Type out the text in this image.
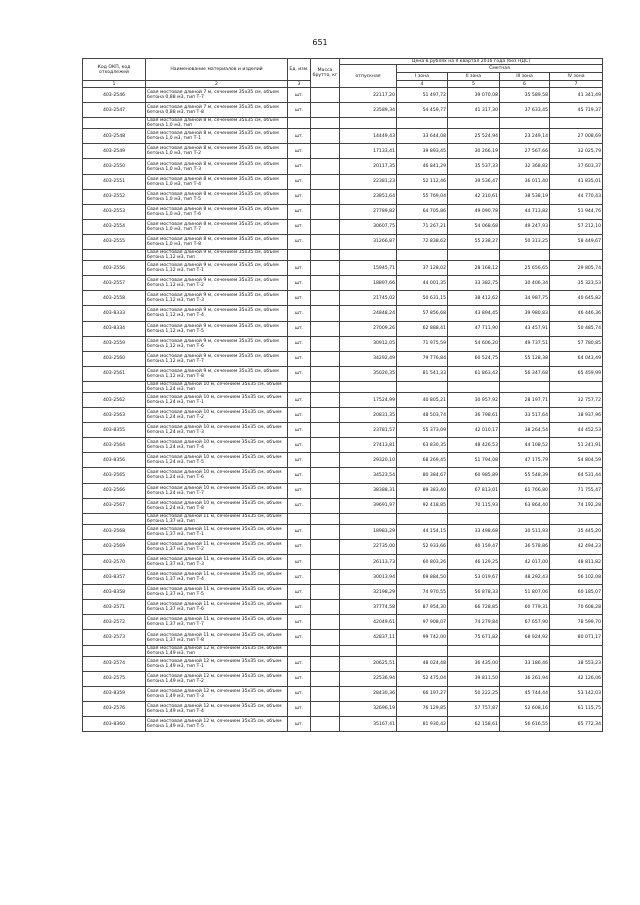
651
Код ОКП, код отходлежей	Наименование материалов и изделий	Ед. изм.	Масса брутто, кг	Цена в рублях на II квартал 2016 года (без НДС)					
				отпускная	Сметная				
					I зона	II зона	III зона	IV зона	
1	2	3			4	5	6	7		
403-2546	Свая мостовая длиной 7 м, сечением 35х35 см, объем бетона 0,88 м3, тип Т-7	шт.		22117,20	51 497,72	39 070,08	35 589,58	41 341,49	
403-2547	Свая мостовая длиной 7 м, сечением 35х35 см, объем бетона 0,88 м3, тип Т-8	шт.		23589,34	54 459,77	41 317,30	37 633,45	45 719,37	
	Свая мостовая длиной 8 м, сечением 35х35 см, объем бетона 1,0 м3, тип								
403-2548	Свая мостовая длиной 8 м, сечением 35х35 см, объем бетона 1,0 м3, тип Т-1	шт.		14449,43	33 644,08	25 524,94	23 249,14	27 008,69	
403-2549	Свая мостовая длиной 8 м, сечением 35х35 см, объем бетона 1,0 м3, тип Т-2	шт.		17133,41	39 893,45	30 266,19	27 567,66	32 025,79	
403-2550	Свая мостовая длиной 8 м, сечением 35х35 см, объем бетона 1,0 м3, тип Т-3	шт.		20117,35	46 841,29	35 537,33	32 368,82	37 603,37	
403-2551	Свая мостовая длиной 8 м, сечением 35х35 см, объем бетона 1,0 м3, тип Т-4	шт.		22381,23	52 112,46	39 536,47	36 011,40	41 835,01	
403-2552	Свая мостовая длиной 8 м, сечением 35х35 см, объем бетона 1,0 м3, тип Т-5	шт.		23851,64	55 769,04	42 310,61	38 538,19	44 770,43	
403-2553	Свая мостовая длиной 8 м, сечением 35х35 см, объем бетона 1,0 м3, тип Т-6	шт.		27789,82	64 705,86	49 090,78	44 713,82	51 944,76	
403-2554	Свая мостовая длиной 8 м, сечением 35х35 см, объем бетона 1,0 м3, тип Т-7	шт.		30607,75	71 267,21	54 068,68	49 247,93	57 212,10	
403-2555	Свая мостовая длиной 8 м, сечением 35х35 см, объем бетона 1,0 м3, тип Т-8	шт.		31266,87	72 838,62	55 238,27	50 313,25	58 449,67	
	Свая мостовая длиной 9 м, сечением 35х35 см, объем бетона 1,12 м3, тип								
403-2556	Свая мостовая длиной 9 м, сечением 35х35 см, объем бетона 1,12 м3, тип Т-1	шт.		15945,71	37 128,02	28 168,12	25 656,65	29 805,74	
403-2557	Свая мостовая длиной 9 м, сечением 35х35 см, объем бетона 1,12 м3, тип Т-2	шт.		18897,66	44 001,35	33 382,75	30 406,34	35 323,53	
403-2558	Свая мостовая длиной 9 м, сечением 35х35 см, объем бетона 1,12 м3, тип Т-3	шт.		21745,02	50 631,15	38 412,62	34 987,75	40 645,82	
403-8333	Свая мостовая длиной 9 м, сечением 35х35 см, объем бетона 1,12 м3, тип Т-4	шт.		24848,24	57 856,68	43 894,45	39 980,83	46 446,36	
403-8334	Свая мостовая длиной 9 м, сечением 35х35 см, объем бетона 1,12 м3, тип Т-5	шт.		27009,26	62 888,41	47 711,90	43 457,91	50 485,74	
403-2559	Свая мостовая длиной 9 м, сечением 35х35 см, объем бетона 1,12 м3, тип Т-6	шт.		30912,05	71 975,59	54 606,20	49 737,51	57 780,85	
403-2560	Свая мостовая длиной 9 м, сечением 35х35 см, объем бетона 1,12 м3, тип Т-7	шт.		34292,49	79 776,84	60 524,75	55 128,38	64 043,49	
403-2561	Свая мостовая длиной 9 м, сечением 35х35 см, объем бетона 1,12 м3, тип Т-8	шт.		35020,35	81 541,33	61 863,42	56 347,68	65 459,99	
	Свая мостовая длиной 10 м, сечением 35х35 см, объем бетона 1,24 м3, тип								
403-2562	Свая мостовая длиной 10 м, сечением 35х35 см, объем бетона 1,24 м3, тип Т-1	шт.		17524,99	40 805,21	30 957,92	28 197,71	32 757,72	
403-2563	Свая мостовая длиной 10 м, сечением 35х35 см, объем бетона 1,24 м3, тип Т-2	шт.		20831,35	48 503,74	36 798,61	33 517,64	38 937,96	
403-8355	Свая мостовая длиной 10 м, сечением 35х35 см, объем бетона 1,24 м3, тип Т-3	шт.		23781,57	55 373,09	42 010,17	38 264,54	44 452,53	
403-2564	Свая мостовая длиной 10 м, сечением 35х35 см, объем бетона 1,24 м3, тип Т-4	шт.		27413,81	63 830,35	48 426,53	44 108,52	51 241,91	
403-8356	Свая мостовая длиной 10 м, сечением 35х35 см, объем бетона 1,24 м3, тип Т-5	шт.		29320,10	68 269,45	51 794,08	47 175,79	54 804,59	
403-2565	Свая мостовая длиной 10 м, сечением 35х35 см, объем бетона 1,24 м3, тип Т-6	шт.		34523,54	80 384,67	60 985,89	55 548,39	64 531,44	
403-2566	Свая мостовая длиной 10 м, сечением 35х35 см, объем бетона 1,24 м3, тип Т-7	шт.		38388,31	89 383,40	67 813,01	61 766,80	71 755,47	
403-2567	Свая мостовая длиной 10 м, сечением 35х35 см, объем бетона 1,24 м3, тип Т-8	шт.		39691,97	92 418,85	70 115,93	63 864,40	74 192,28	
	Свая мостовая длиной 11 м, сечением 35х35 см, объем бетона 1,37 м3, тип								
403-2568	Свая мостовая длиной 11 м, сечением 35х35 см, объем бетона 1,37 м3, тип Т-1	шт.		18983,29	44 154,15	33 498,68	30 511,93	35 445,20	
403-2569	Свая мостовая длиной 11 м, сечением 35х35 см, объем бетона 1,37 м3, тип Т-2	шт.		22735,00	52 933,66	40 159,47	36 578,86	42 494,23	
403-2570	Свая мостовая длиной 11 м, сечением 35х35 см, объем бетона 1,37 м3, тип Т-3	шт.		26113,73	60 803,26	46 129,25	42 017,00	48 811,82	
403-8357	Свая мостовая длиной 11 м, сечением 35х35 см, объем бетона 1,37 м3, тип Т-4	шт.		30013,94	69 884,50	53 019,67	48 292,43	56 102,08	
403-8358	Свая мостовая длиной 11 м, сечением 35х35 см, объем бетона 1,37 м3, тип Т-5	шт.		32198,29	74 970,55	56 878,33	51 807,06	60 185,07	
403-2571	Свая мостовая длиной 11 м, сечением 35х35 см, объем бетона 1,37 м3, тип Т-6	шт.		37774,58	87 954,30	66 728,85	60 779,31	70 608,28	
403-2572	Свая мостовая длиной 11 м, сечением 35х35 см, объем бетона 1,37 м3, тип Т-7	шт.		42049,61	97 908,07	74 279,84	67 657,90	78 599,70	
403-2573	Свая мостовая длиной 11 м, сечением 35х35 см, объем бетона 1,37 м3, тип Т-8	шт.		42837,11	99 742,00	75 671,82	68 924,92	80 071,17	
	Свая мостовая длиной 12 м, сечением 35х35 см, объем бетона 1,49 м3, тип								
403-2574	Свая мостовая длиной 12 м, сечением 35х35 см, объем бетона 1,49 м3, тип Т-1	шт.		20625,51	48 024,48	36 435,00	33 186,46	38 553,23	
403-2575	Свая мостовая длиной 12 м, сечением 35х35 см, объем бетона 1,49 м3, тип Т-2	шт.		22536,94	52 475,04	39 811,50	36 261,94	42 126,06	
403-8359	Свая мостовая длиной 12 м, сечением 35х35 см, объем бетона 1,49 м3, тип Т-3	шт.		28430,36	66 197,27	50 222,25	45 744,44	53 142,03	
403-2576	Свая мостовая длиной 12 м, сечением 35х35 см, объем бетона 1,49 м3, тип Т-4	шт.		32696,19	76 129,85	57 757,87	52 608,16	61 115,75	
403-8360	Свая мостовая длиной 12 м, сечением 35х35 см, объем бетона 1,49 м3, тип Т-5	шт.		35167,41	81 930,42	62 158,61	56 616,55	65 772,34	
